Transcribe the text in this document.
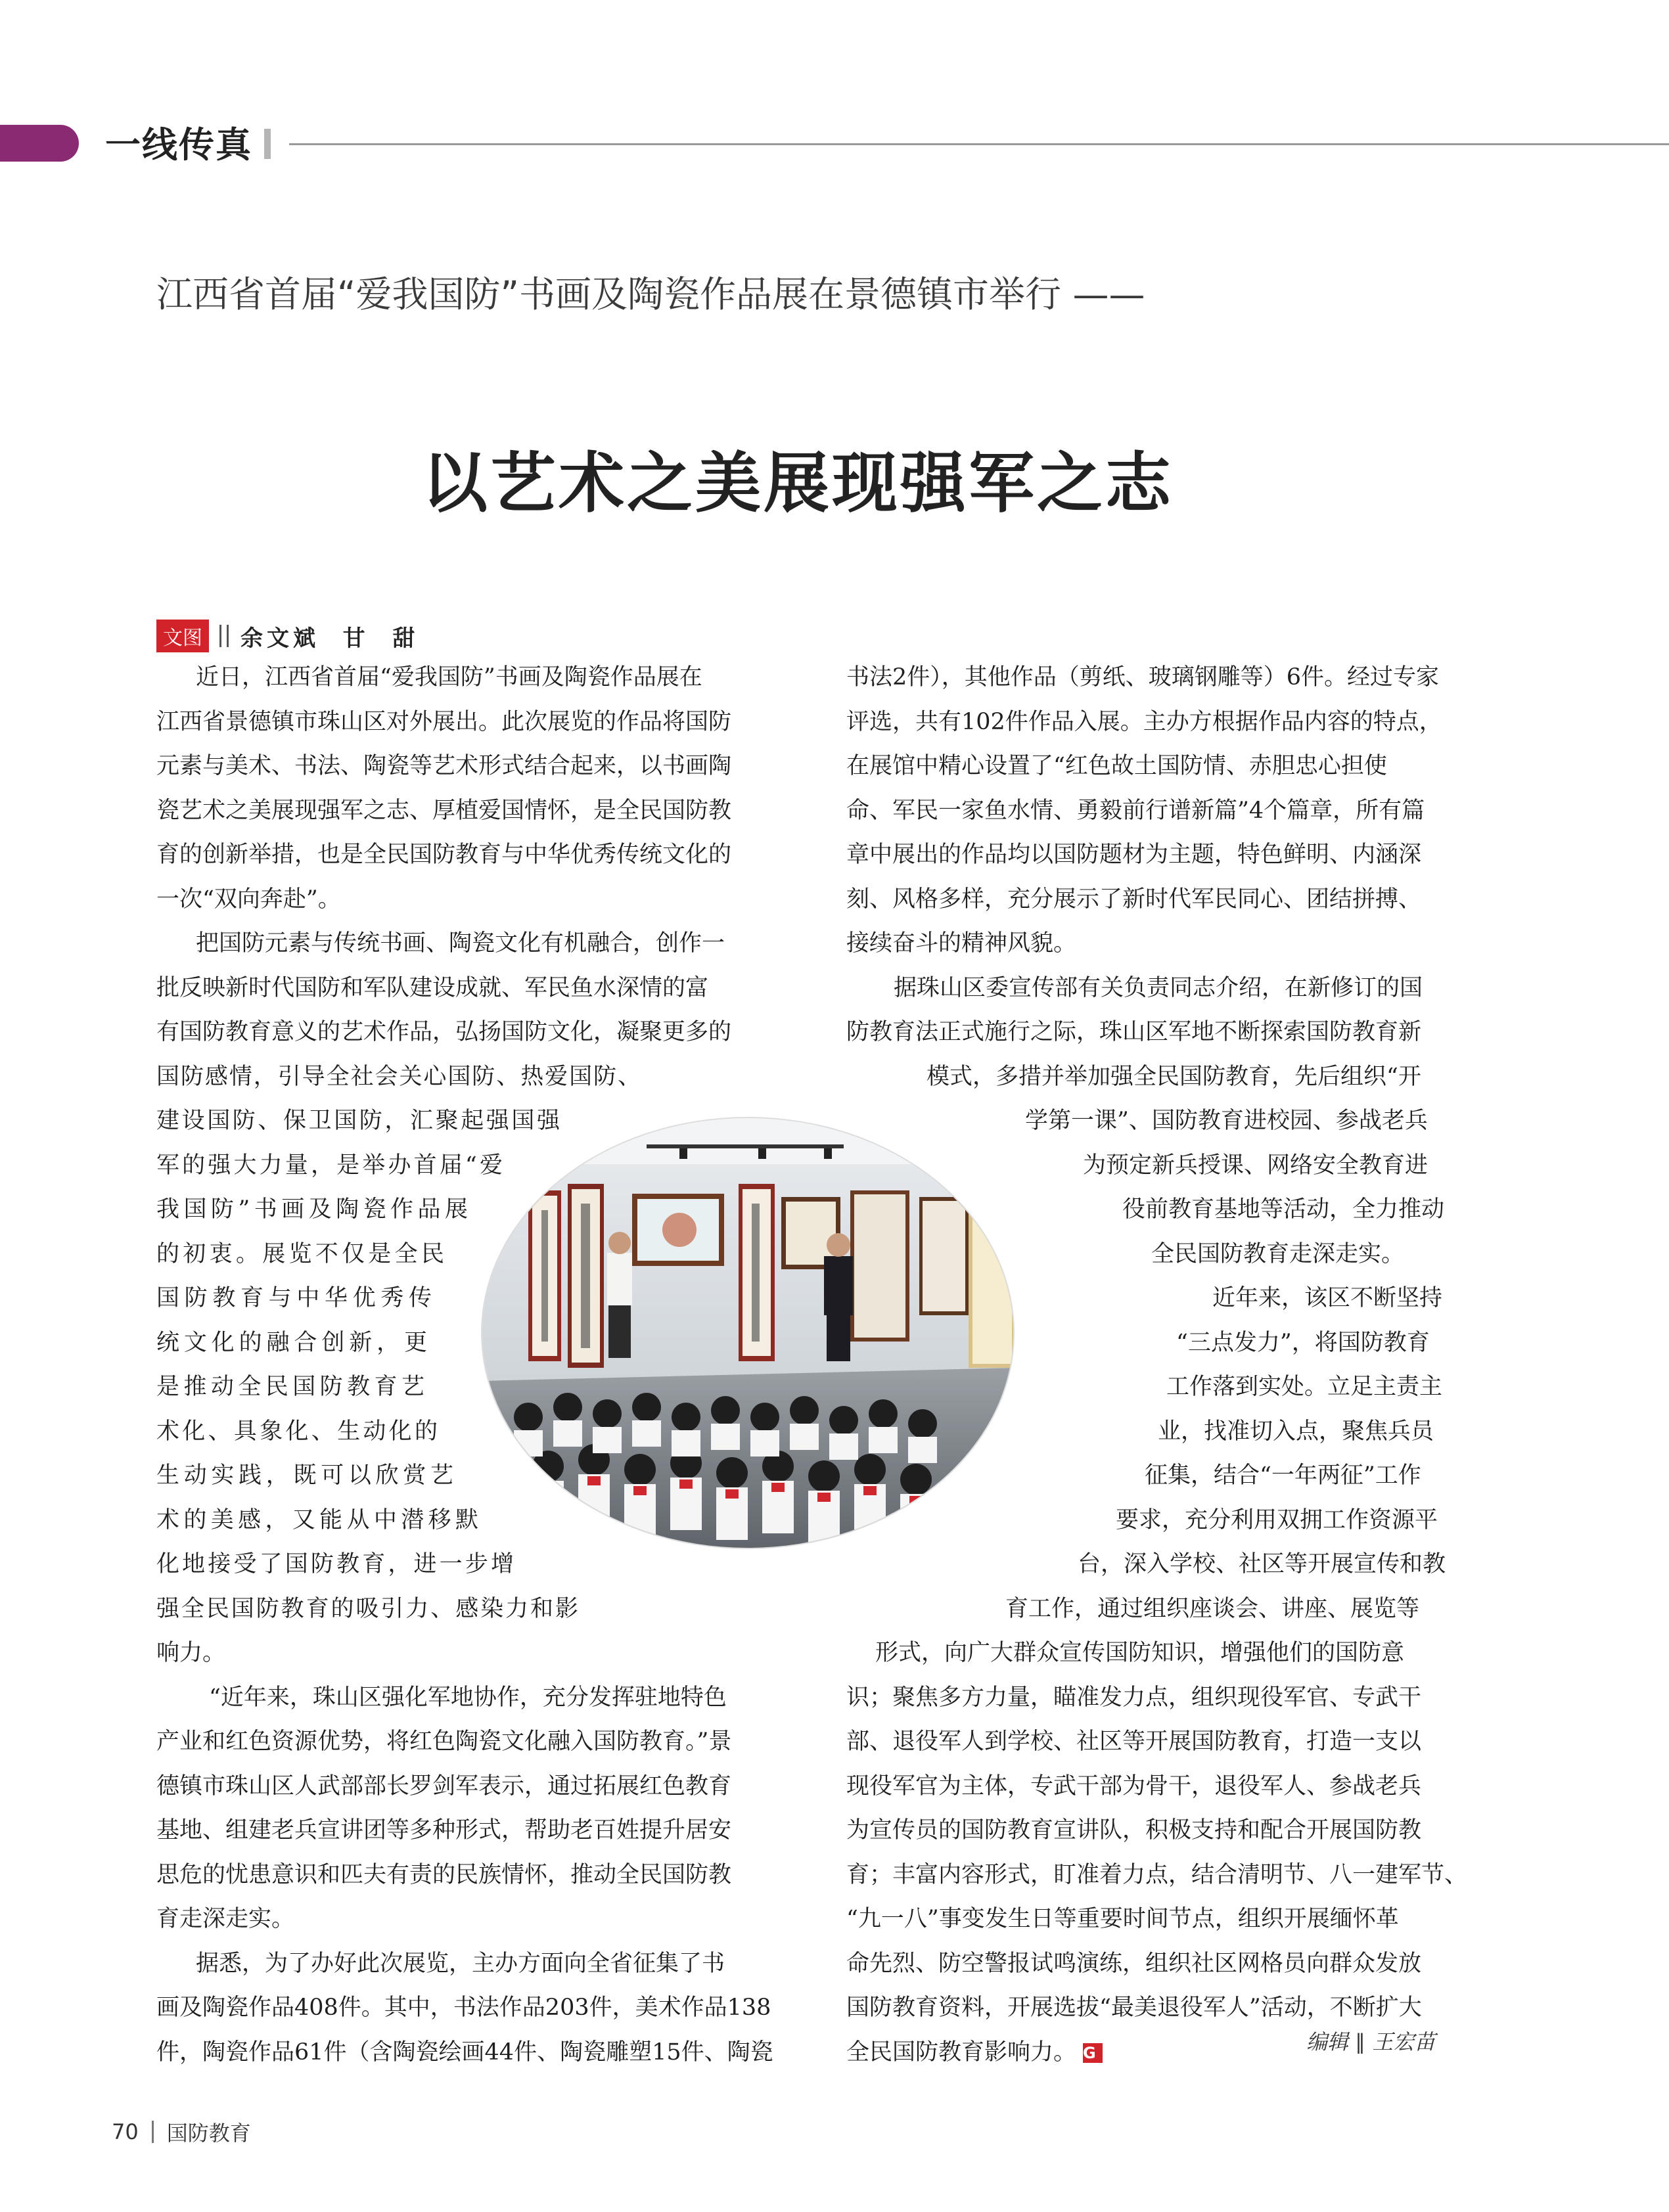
一线传真
江西省首届“爱我国防”书画及陶瓷作品展在景德镇市举行 ——
以艺术之美展现强军之志
文图 余文斌  甘  甜
近日，江西省首届“爱我国防”书画及陶瓷作品展在
江西省景德镇市珠山区对外展出。此次展览的作品将国防
元素与美术、书法、陶瓷等艺术形式结合起来，以书画陶
瓷艺术之美展现强军之志、厚植爱国情怀，是全民国防教
育的创新举措，也是全民国防教育与中华优秀传统文化的
一次“双向奔赴”。
把国防元素与传统书画、陶瓷文化有机融合，创作一
批反映新时代国防和军队建设成就、军民鱼水深情的富
有国防教育意义的艺术作品，弘扬国防文化，凝聚更多的
国防感情，引导全社会关心国防、热爱国防、
建设国防、保卫国防，汇聚起强国强
军的强大力量，是举办首届“爱
我国防”书画及陶瓷作品展
的初衷。展览不仅是全民
国防教育与中华优秀传
统文化的融合创新，更
是推动全民国防教育艺
术化、具象化、生动化的
生动实践，既可以欣赏艺
术的美感，又能从中潜移默
化地接受了国防教育，进一步增
强全民国防教育的吸引力、感染力和影
响力。
“近年来，珠山区强化军地协作，充分发挥驻地特色
产业和红色资源优势，将红色陶瓷文化融入国防教育。”景
德镇市珠山区人武部部长罗剑军表示，通过拓展红色教育
基地、组建老兵宣讲团等多种形式，帮助老百姓提升居安
思危的忧患意识和匹夫有责的民族情怀，推动全民国防教
育走深走实。
据悉，为了办好此次展览，主办方面向全省征集了书
画及陶瓷作品408件。其中，书法作品203件，美术作品138
件，陶瓷作品61件（含陶瓷绘画44件、陶瓷雕塑15件、陶瓷
书法2件），其他作品（剪纸、玻璃钢雕等）6件。经过专家
评选，共有102件作品入展。主办方根据作品内容的特点，
在展馆中精心设置了“红色故土国防情、赤胆忠心担使
命、军民一家鱼水情、勇毅前行谱新篇”4个篇章，所有篇
章中展出的作品均以国防题材为主题，特色鲜明、内涵深
刻、风格多样，充分展示了新时代军民同心、团结拼搏、
接续奋斗的精神风貌。
据珠山区委宣传部有关负责同志介绍，在新修订的国
防教育法正式施行之际，珠山区军地不断探索国防教育新
模式，多措并举加强全民国防教育，先后组织“开
学第一课”、国防教育进校园、参战老兵
为预定新兵授课、网络安全教育进
役前教育基地等活动，全力推动
全民国防教育走深走实。
近年来，该区不断坚持
“三点发力”，将国防教育
工作落到实处。立足主责主
业，找准切入点，聚焦兵员
征集，结合“一年两征”工作
要求，充分利用双拥工作资源平
台，深入学校、社区等开展宣传和教
育工作，通过组织座谈会、讲座、展览等
形式，向广大群众宣传国防知识，增强他们的国防意
识；聚焦多方力量，瞄准发力点，组织现役军官、专武干
部、退役军人到学校、社区等开展国防教育，打造一支以
现役军官为主体，专武干部为骨干，退役军人、参战老兵
为宣传员的国防教育宣讲队，积极支持和配合开展国防教
育；丰富内容形式，盯准着力点，结合清明节、八一建军节、
“九一八”事变发生日等重要时间节点，组织开展缅怀革
命先烈、防空警报试鸣演练，组织社区网格员向群众发放
国防教育资料，开展选拔“最美退役军人”活动，不断扩大
全民国防教育影响力。 G	编辑 ∥ 王宏苗
70 国防教育
